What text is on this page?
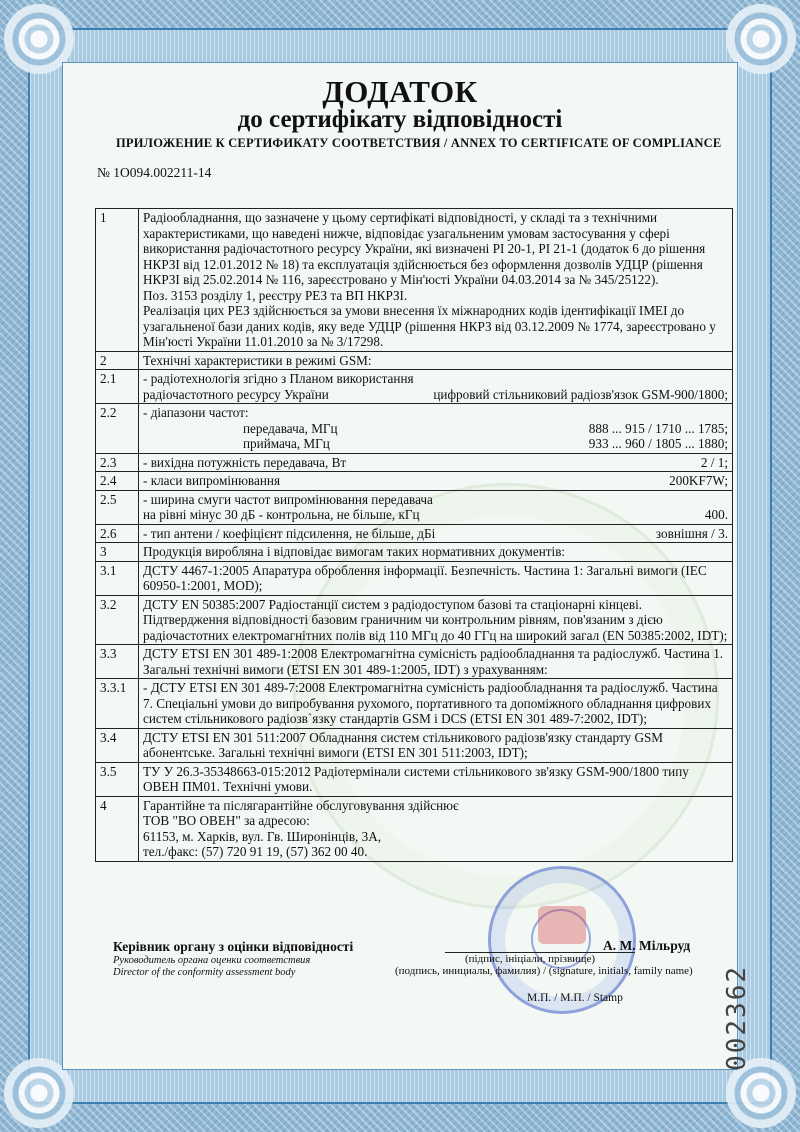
ДОДАТОК
до сертифікату відповідності
ПРИЛОЖЕНИЕ К СЕРТИФИКАТУ СООТВЕТСТВИЯ / ANNEX TO CERTIFICATE OF COMPLIANCE
№ 1О094.002211-14
1	Радіообладнання, що зазначене у цьому сертифікаті відповідності, у складі та з технічними характеристиками, що наведені нижче, відповідає узагальненим умовам застосування у сфері використання радіочастотного ресурсу України, які визначені РІ 20-1, РІ 21-1 (додаток 6 до рішення НКРЗІ від 12.01.2012 № 18) та експлуатація здійснюється без оформлення дозволів УДЦР (рішення НКРЗІ від 25.02.2014 № 116, зареєстровано у Мін'юсті України 04.03.2014 за № 345/25122).
Поз. 3153 розділу 1, реєстру РЕЗ та ВП НКРЗІ.
Реалізація цих РЕЗ здійснюється за умови внесення їх міжнародних кодів ідентифікації IMEI до узагальненої бази даних кодів, яку веде УДЦР (рішення НКРЗ від 03.12.2009 № 1774, зареєстровано у Мін'юсті України 11.01.2010 за № 3/17298.

2	Технічні характеристики в режимі GSM:
2.1	- радіотехнологія згідно з Планом використання
радіочастотного ресурсу України цифровий стільниковий радіозв'язок GSM-900/1800;

2.2	- діапазони частот:
передавача, МГц 888 ... 915 / 1710 ... 1785;
приймача, МГц 933 ... 960 / 1805 ... 1880;

2.3	- вихідна потужність передавача, Вт 2 / 1;

2.4	- класи випромінювання 200KF7W;

2.5	- ширина смуги частот випромінювання передавача
на рівні мінус 30 дБ - контрольна, не більше, кГц 400.

2.6	- тип антени / коефіцієнт підсилення, не більше, дБі зовнішня / 3.

3	Продукція виробляна і відповідає вимогам таких нормативних документів:
3.1	ДСТУ 4467-1:2005 Апаратура оброблення інформації. Безпечність. Частина 1: Загальні вимоги (IEC 60950-1:2001, MOD);
3.2	ДСТУ EN 50385:2007 Радіостанції систем з радіодоступом базові та стаціонарні кінцеві. Підтвердження відповідності базовим граничним чи контрольним рівням, пов'язаним з дією радіочастотних електромагнітних полів від 110 МГц до 40 ГГц на широкий загал (EN 50385:2002, IDT);
3.3	ДСТУ ETSI EN 301 489-1:2008 Електромагнітна сумісність радіообладнання та радіослужб. Частина 1. Загальні технічні вимоги (ETSI EN 301 489-1:2005, IDT) з урахуванням:
3.3.1	- ДСТУ ETSI EN 301 489-7:2008 Електромагнітна сумісність радіообладнання та радіослужб. Частина 7. Спеціальні умови до випробування рухомого, портативного та допоміжного обладнання цифрових систем стільникового радіозв`язку стандартів GSM і DCS (ETSI EN 301 489-7:2002, IDT);
3.4	ДСТУ ETSI EN 301 511:2007 Обладнання систем стільникового радіозв'язку стандарту GSM абонентське. Загальні технічні вимоги (ETSI EN 301 511:2003, IDT);
3.5	ТУ У 26.3-35348663-015:2012 Радіотермінали системи стільникового зв'язку GSM-900/1800 типу ОВЕН ПМ01. Технічні умови.
4	Гарантійне та післягарантійне обслуговування здійснює
ТОВ "ВО ОВЕН" за адресою:
61153, м. Харків, вул. Гв. Широнінців, 3А,
тел./факс: (57) 720 91 19, (57) 362 00 40.
Керівник органу з оцінки відповідності
Руководитель органа оценки соответствия
Director of the conformity assessment body
(підпис, ініціали, прізвище)
(подпись, инициалы, фамилия) / (signature, initials, family name)
А. М. Мільруд
М.П. / М.П. / Stamp	002362
